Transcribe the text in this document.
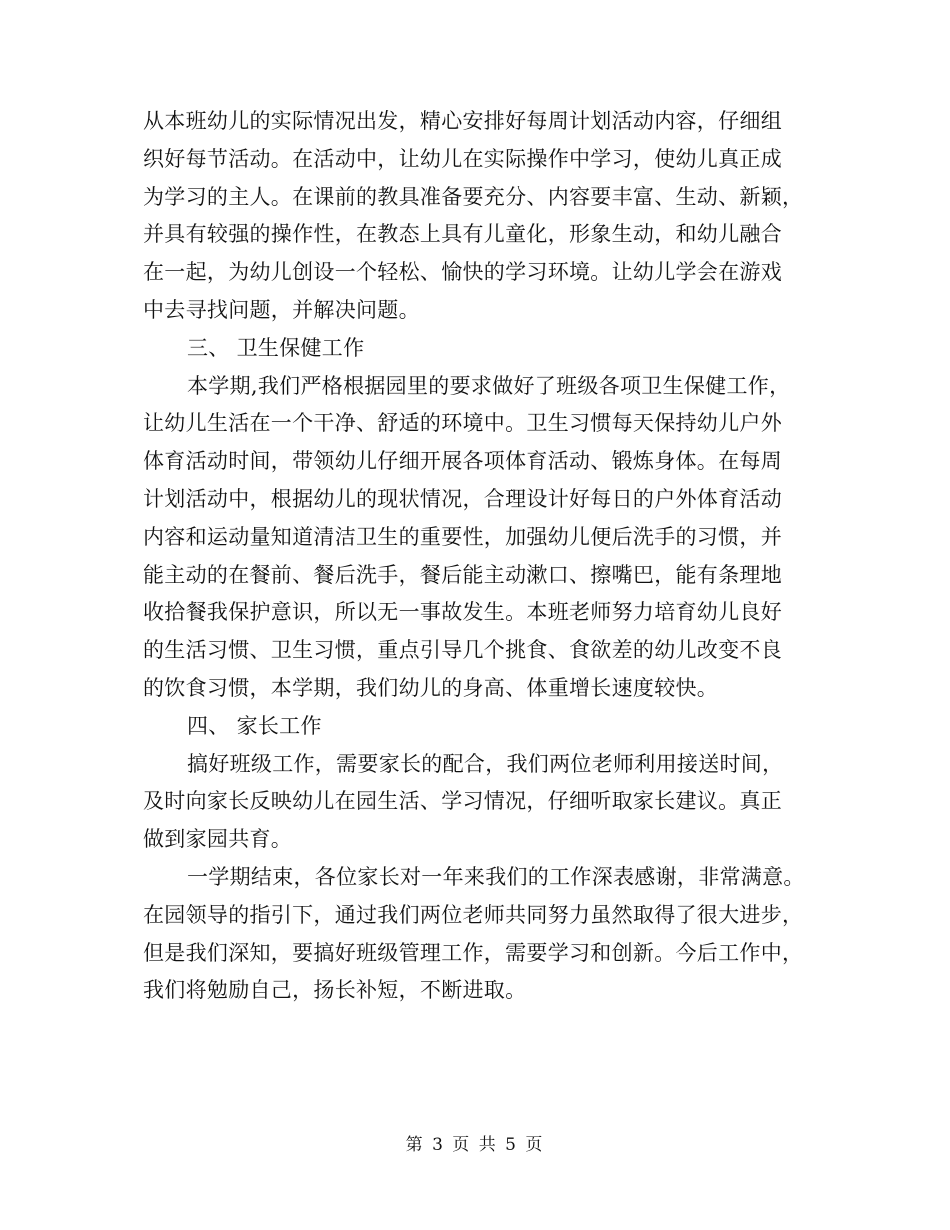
从本班幼儿的实际情况出发，精心安排好每周计划活动内容，仔细组
织好每节活动。在活动中，让幼儿在实际操作中学习，使幼儿真正成
为学习的主人。在课前的教具准备要充分、内容要丰富、生动、新颖，
并具有较强的操作性，在教态上具有儿童化，形象生动，和幼儿融合
在一起，为幼儿创设一个轻松、愉快的学习环境。让幼儿学会在游戏
中去寻找问题，并解决问题。
三、 卫生保健工作
本学期,我们严格根据园里的要求做好了班级各项卫生保健工作，
让幼儿生活在一个干净、舒适的环境中。卫生习惯每天保持幼儿户外
体育活动时间，带领幼儿仔细开展各项体育活动、锻炼身体。在每周
计划活动中，根据幼儿的现状情况，合理设计好每日的户外体育活动
内容和运动量知道清洁卫生的重要性，加强幼儿便后洗手的习惯，并
能主动的在餐前、餐后洗手，餐后能主动漱口、擦嘴巴，能有条理地
收拾餐我保护意识，所以无一事故发生。本班老师努力培育幼儿良好
的生活习惯、卫生习惯，重点引导几个挑食、食欲差的幼儿改变不良
的饮食习惯，本学期，我们幼儿的身高、体重增长速度较快。
四、 家长工作
搞好班级工作，需要家长的配合，我们两位老师利用接送时间，
及时向家长反映幼儿在园生活、学习情况，仔细听取家长建议。真正
做到家园共育。
一学期结束，各位家长对一年来我们的工作深表感谢，非常满意。
在园领导的指引下，通过我们两位老师共同努力虽然取得了很大进步，
但是我们深知，要搞好班级管理工作，需要学习和创新。今后工作中，
我们将勉励自己，扬长补短，不断进取。
第 3 页 共 5 页
